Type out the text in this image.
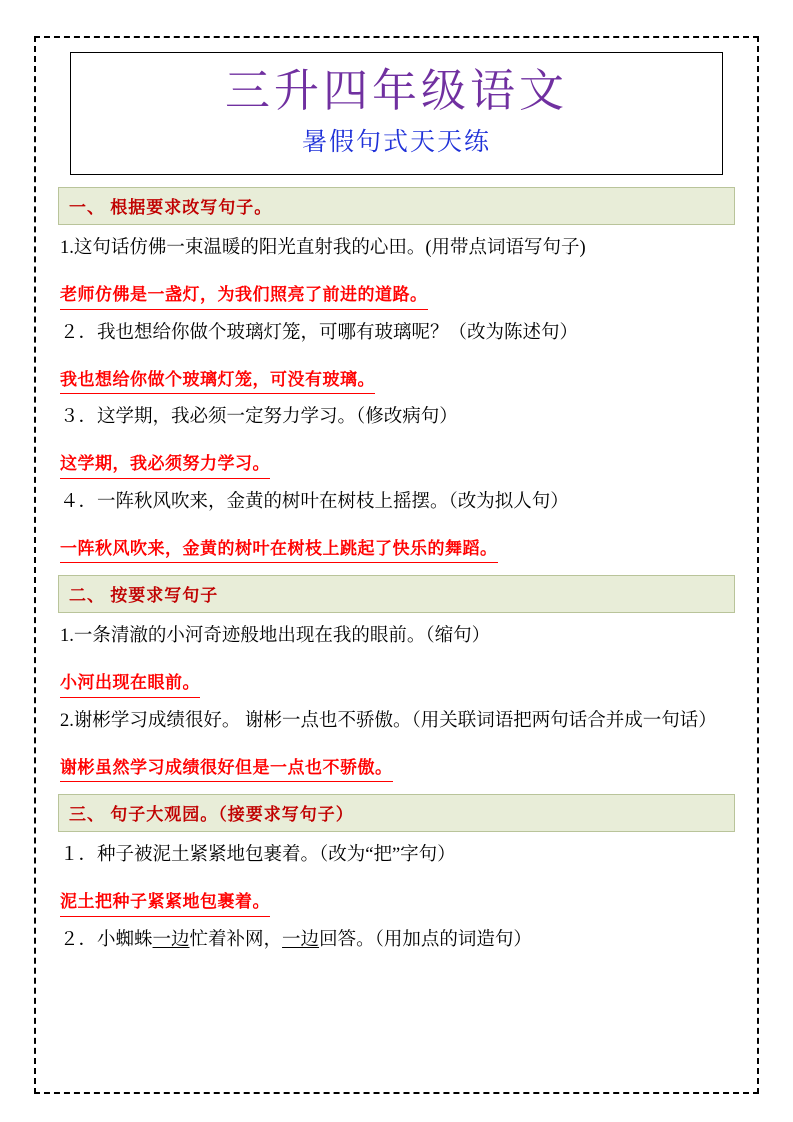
三升四年级语文
暑假句式天天练
一、 根据要求改写句子。
1.这句话仿佛一束温暖的阳光直射我的心田。(用带点词语写句子)
老师仿佛是一盏灯，为我们照亮了前进的道路。
２．我也想给你做个玻璃灯笼，可哪有玻璃呢？（改为陈述句）
我也想给你做个玻璃灯笼，可没有玻璃。
３．这学期，我必须一定努力学习。（修改病句）
这学期，我必须努力学习。
４．一阵秋风吹来，金黄的树叶在树枝上摇摆。（改为拟人句）
一阵秋风吹来，金黄的树叶在树枝上跳起了快乐的舞蹈。
二、 按要求写句子
1.一条清澈的小河奇迹般地出现在我的眼前。（缩句）
小河出现在眼前。
2.谢彬学习成绩很好。 谢彬一点也不骄傲。（用关联词语把两句话合并成一句话）
谢彬虽然学习成绩很好但是一点也不骄傲。
三、 句子大观园。（接要求写句子）
１．种子被泥土紧紧地包裹着。（改为“把”字句）
泥土把种子紧紧地包裹着。
２．小蜘蛛一边忙着补网，一边回答。（用加点的词造句）
